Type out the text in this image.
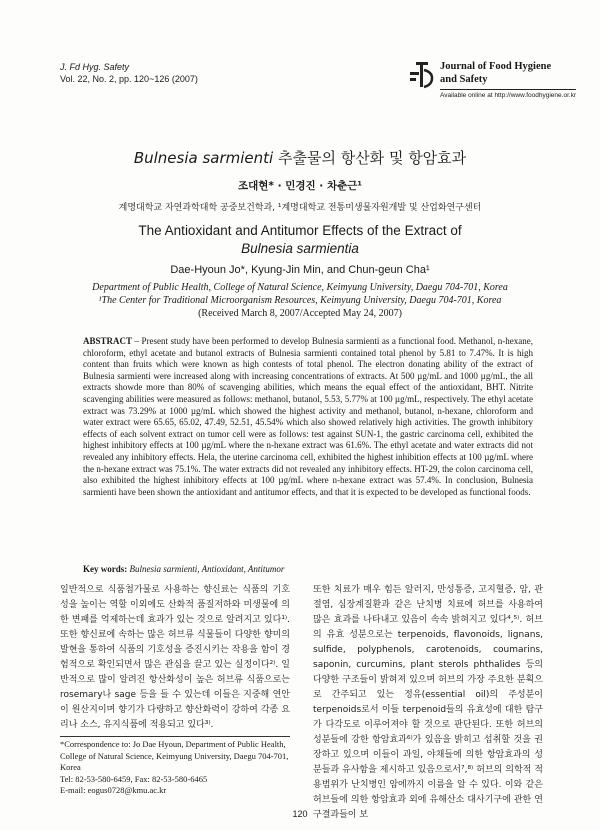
J. Fd Hyg. Safety
Vol. 22, No. 2, pp. 120~126 (2007)
Journal of Food Hygiene
and Safety
Available online at http://www.foodhygiene.or.kr
Bulnesia sarmienti 추출물의 항산화 및 항암효과
조대현* · 민경진 · 차춘근¹
계명대학교 자연과학대학 공중보건학과, ¹계명대학교 전통미생물자원개발 및 산업화연구센터
The Antioxidant and Antitumor Effects of the Extract of
Bulnesia sarmientia
Dae-Hyoun Jo*, Kyung-Jin Min, and Chun-geun Cha¹
Department of Public Health, College of Natural Science, Keimyung University, Daegu 704-701, Korea
¹The Center for Traditional Microorganism Resources, Keimyung University, Daegu 704-701, Korea
(Received March 8, 2007/Accepted May 24, 2007)
ABSTRACT – Present study have been performed to develop Bulnesia sarmienti as a functional food. Methanol, n-hexane, chloroform, ethyl acetate and butanol extracts of Bulnesia sarmienti contained total phenol by 5.81 to 7.47%. It is high content than fruits which were known as high contests of total phenol. The electron donating ability of the extract of Bulnesia sarmienti were increased along with increasing concentrations of extracts. At 500 µg/mL and 1000 µg/mL, the all extracts showde more than 80% of scavenging abilities, which means the equal effect of the antioxidant, BHT. Nitrite scavenging abilities were measured as follows: methanol, butanol, 5.53, 5.77% at 100 µg/mL, respectively. The ethyl acetate extract was 73.29% at 1000 µg/mL which showed the highest activity and methanol, butanol, n-hexane, chloroform and water extract were 65.65, 65.02, 47.49, 52.51, 45.54% which also showed relatively high activities. The growth inhibitory effects of each solvent extract on tumor cell were as follows: test against SUN-1, the gastric carcinoma cell, exhibited the highest inhibitory effects at 100 µg/mL where the n-hexane extract was 61.6%. The ethyl acetate and water extracts did not revealed any inhibitory effects. Hela, the uterine carcinoma cell, exhibited the highest inhibition effects at 100 µg/mL where the n-hexane extract was 75.1%. The water extracts did not revealed any inhibitory effects. HT-29, the colon carcinoma cell, also exhibited the highest inhibitory effects at 100 µg/mL where n-hexane extract was 57.4%. In conclusion, Bulnesia sarmienti have been shown the antioxidant and antitumor effects, and that it is expected to be developed as functional foods.
Key words: Bulnesia sarmienti, Antioxidant, Antitumor
일반적으로 식품첨가물로 사용하는 향신료는 식품의 기호성을 높이는 역할 이외에도 산화적 품질저하와 미생물에 의한 변패를 억제하는데 효과가 있는 것으로 알려지고 있다¹⁾. 또한 향신료에 속하는 많은 허브류 식물들이 다양한 향미의 발현을 통하여 식품의 기호성을 증진시키는 작용을 함이 경험적으로 확인되면서 많은 관심을 끌고 있는 실정이다²⁾. 일반적으로 많이 알려진 항산화성이 높은 허브류 식품으로는 rosemary나 sage 등을 들 수 있는데 이들은 지중해 연안이 원산지이며 향기가 다량하고 향산화력이 강하여 각종 요리나 소스, 유지식품에 적용되고 있다³⁾.
또한 치료가 매우 힘든 알러지, 만성통증, 고지혈증, 암, 관절염, 심장계질환과 같은 난치병 치료에 허브를 사용하여 많은 효과를 나타내고 있음이 속속 밝혀지고 있다⁴,⁵⁾. 허브의 유효 성분으로는 terpenoids, flavonoids, lignans, sulfide, polyphenols, carotenoids, coumarins, saponin, curcumins, plant sterols phthalides 등의 다양한 구조들이 밝혀져 있으며 허브의 가장 주요한 분획으로 간주되고 있는 정유(essential oil)의 주성분이 terpenoids로서 이들 terpenoid들의 유효성에 대한 탐구가 다각도로 이루어져야 할 것으로 판단된다. 또한 허브의 성분들에 강한 항암효과⁶⁾가 있음을 밝히고 섭취할 것을 권장하고 있으며 이들이 과일, 야채들에 의한 항암효과의 성분들과 유사함을 제시하고 있음으로서⁷,⁸⁾ 허브의 의학적 적용범위가 난치병인 암에까지 이름을 알 수 있다. 이와 같은 허브들에 의한 항암효과 외에 유해산소 대사기구에 관한 연구결과들이 보
*Correspondence to: Jo Dae Hyoun, Department of Public Health,
College of Natural Science, Keimyung University, Daegu 704-701,
Korea
Tel: 82-53-580-6459, Fax: 82-53-580-6465
E-mail: eogus0728@kmu.ac.kr
120
